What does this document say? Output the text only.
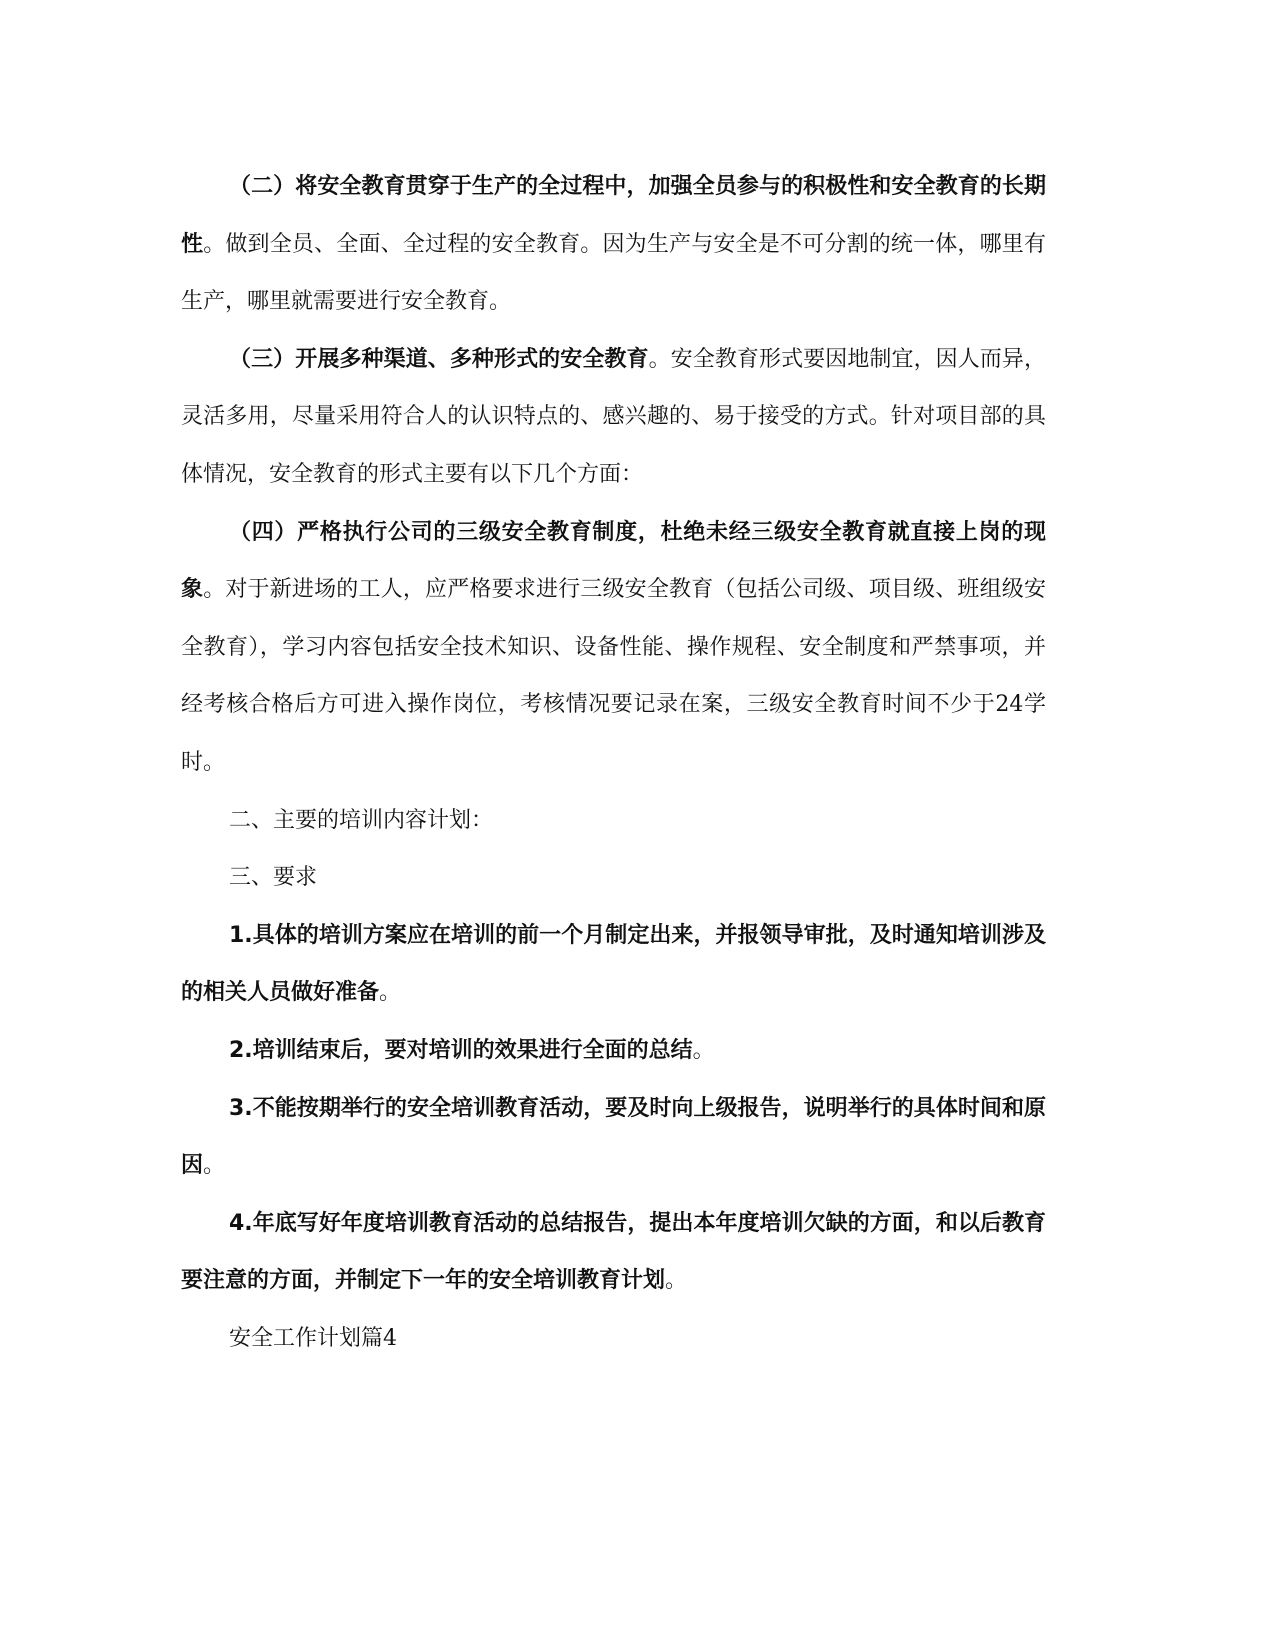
（二）将安全教育贯穿于生产的全过程中，加强全员参与的积极性和安全教育的长期性。做到全员、全面、全过程的安全教育。因为生产与安全是不可分割的统一体，哪里有生产，哪里就需要进行安全教育。

（三）开展多种渠道、多种形式的安全教育。安全教育形式要因地制宜，因人而异，灵活多用，尽量采用符合人的认识特点的、感兴趣的、易于接受的方式。针对项目部的具体情况，安全教育的形式主要有以下几个方面：

（四）严格执行公司的三级安全教育制度，杜绝未经三级安全教育就直接上岗的现象。对于新进场的工人，应严格要求进行三级安全教育（包括公司级、项目级、班组级安全教育），学习内容包括安全技术知识、设备性能、操作规程、安全制度和严禁事项，并经考核合格后方可进入操作岗位，考核情况要记录在案，三级安全教育时间不少于24学时。

二、主要的培训内容计划：

三、要求

1.具体的培训方案应在培训的前一个月制定出来，并报领导审批，及时通知培训涉及的相关人员做好准备。

2.培训结束后，要对培训的效果进行全面的总结。

3.不能按期举行的安全培训教育活动，要及时向上级报告，说明举行的具体时间和原因。

4.年底写好年度培训教育活动的总结报告，提出本年度培训欠缺的方面，和以后教育要注意的方面，并制定下一年的安全培训教育计划。

安全工作计划篇4
